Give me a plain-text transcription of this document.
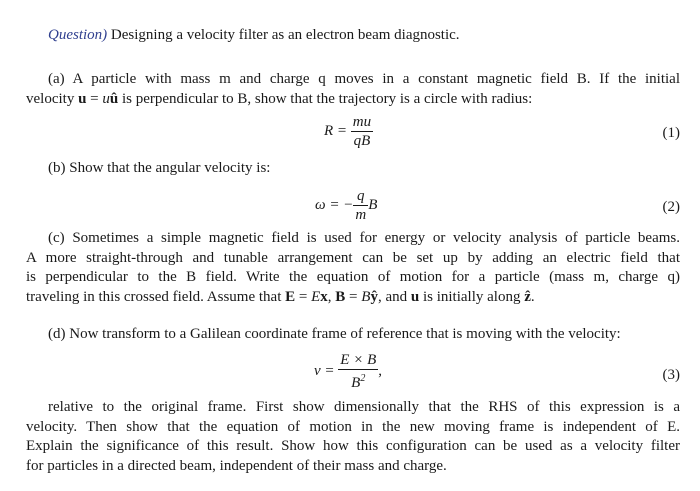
Question) Designing a velocity filter as an electron beam diagnostic.
(a) A particle with mass m and charge q moves in a constant magnetic field B. If the initial
velocity u = uû is perpendicular to B, show that the trajectory is a circle with radius:
$R = \frac{mu}{qB}$	(1)
(b) Show that the angular velocity is:
ω = − $\frac{q}{m}$ B	(2)
(c) Sometimes a simple magnetic field is used for energy or velocity analysis of particle beams.
A more straight-through and tunable arrangement can be set up by adding an electric field that
is perpendicular to the B field. Write the equation of motion for a particle (mass m, charge q)
traveling in this crossed field. Assume that E = Ex, B = Bŷ, and u is initially along ẑ.
(d) Now transform to a Galilean coordinate frame of reference that is moving with the velocity:
$v = \frac{E \times B}{B^2}$ ,	(3)
relative to the original frame. First show dimensionally that the RHS of this expression is a
velocity. Then show that the equation of motion in the new moving frame is independent of E.
Explain the significance of this result. Show how this configuration can be used as a velocity filter
for particles in a directed beam, independent of their mass and charge.
